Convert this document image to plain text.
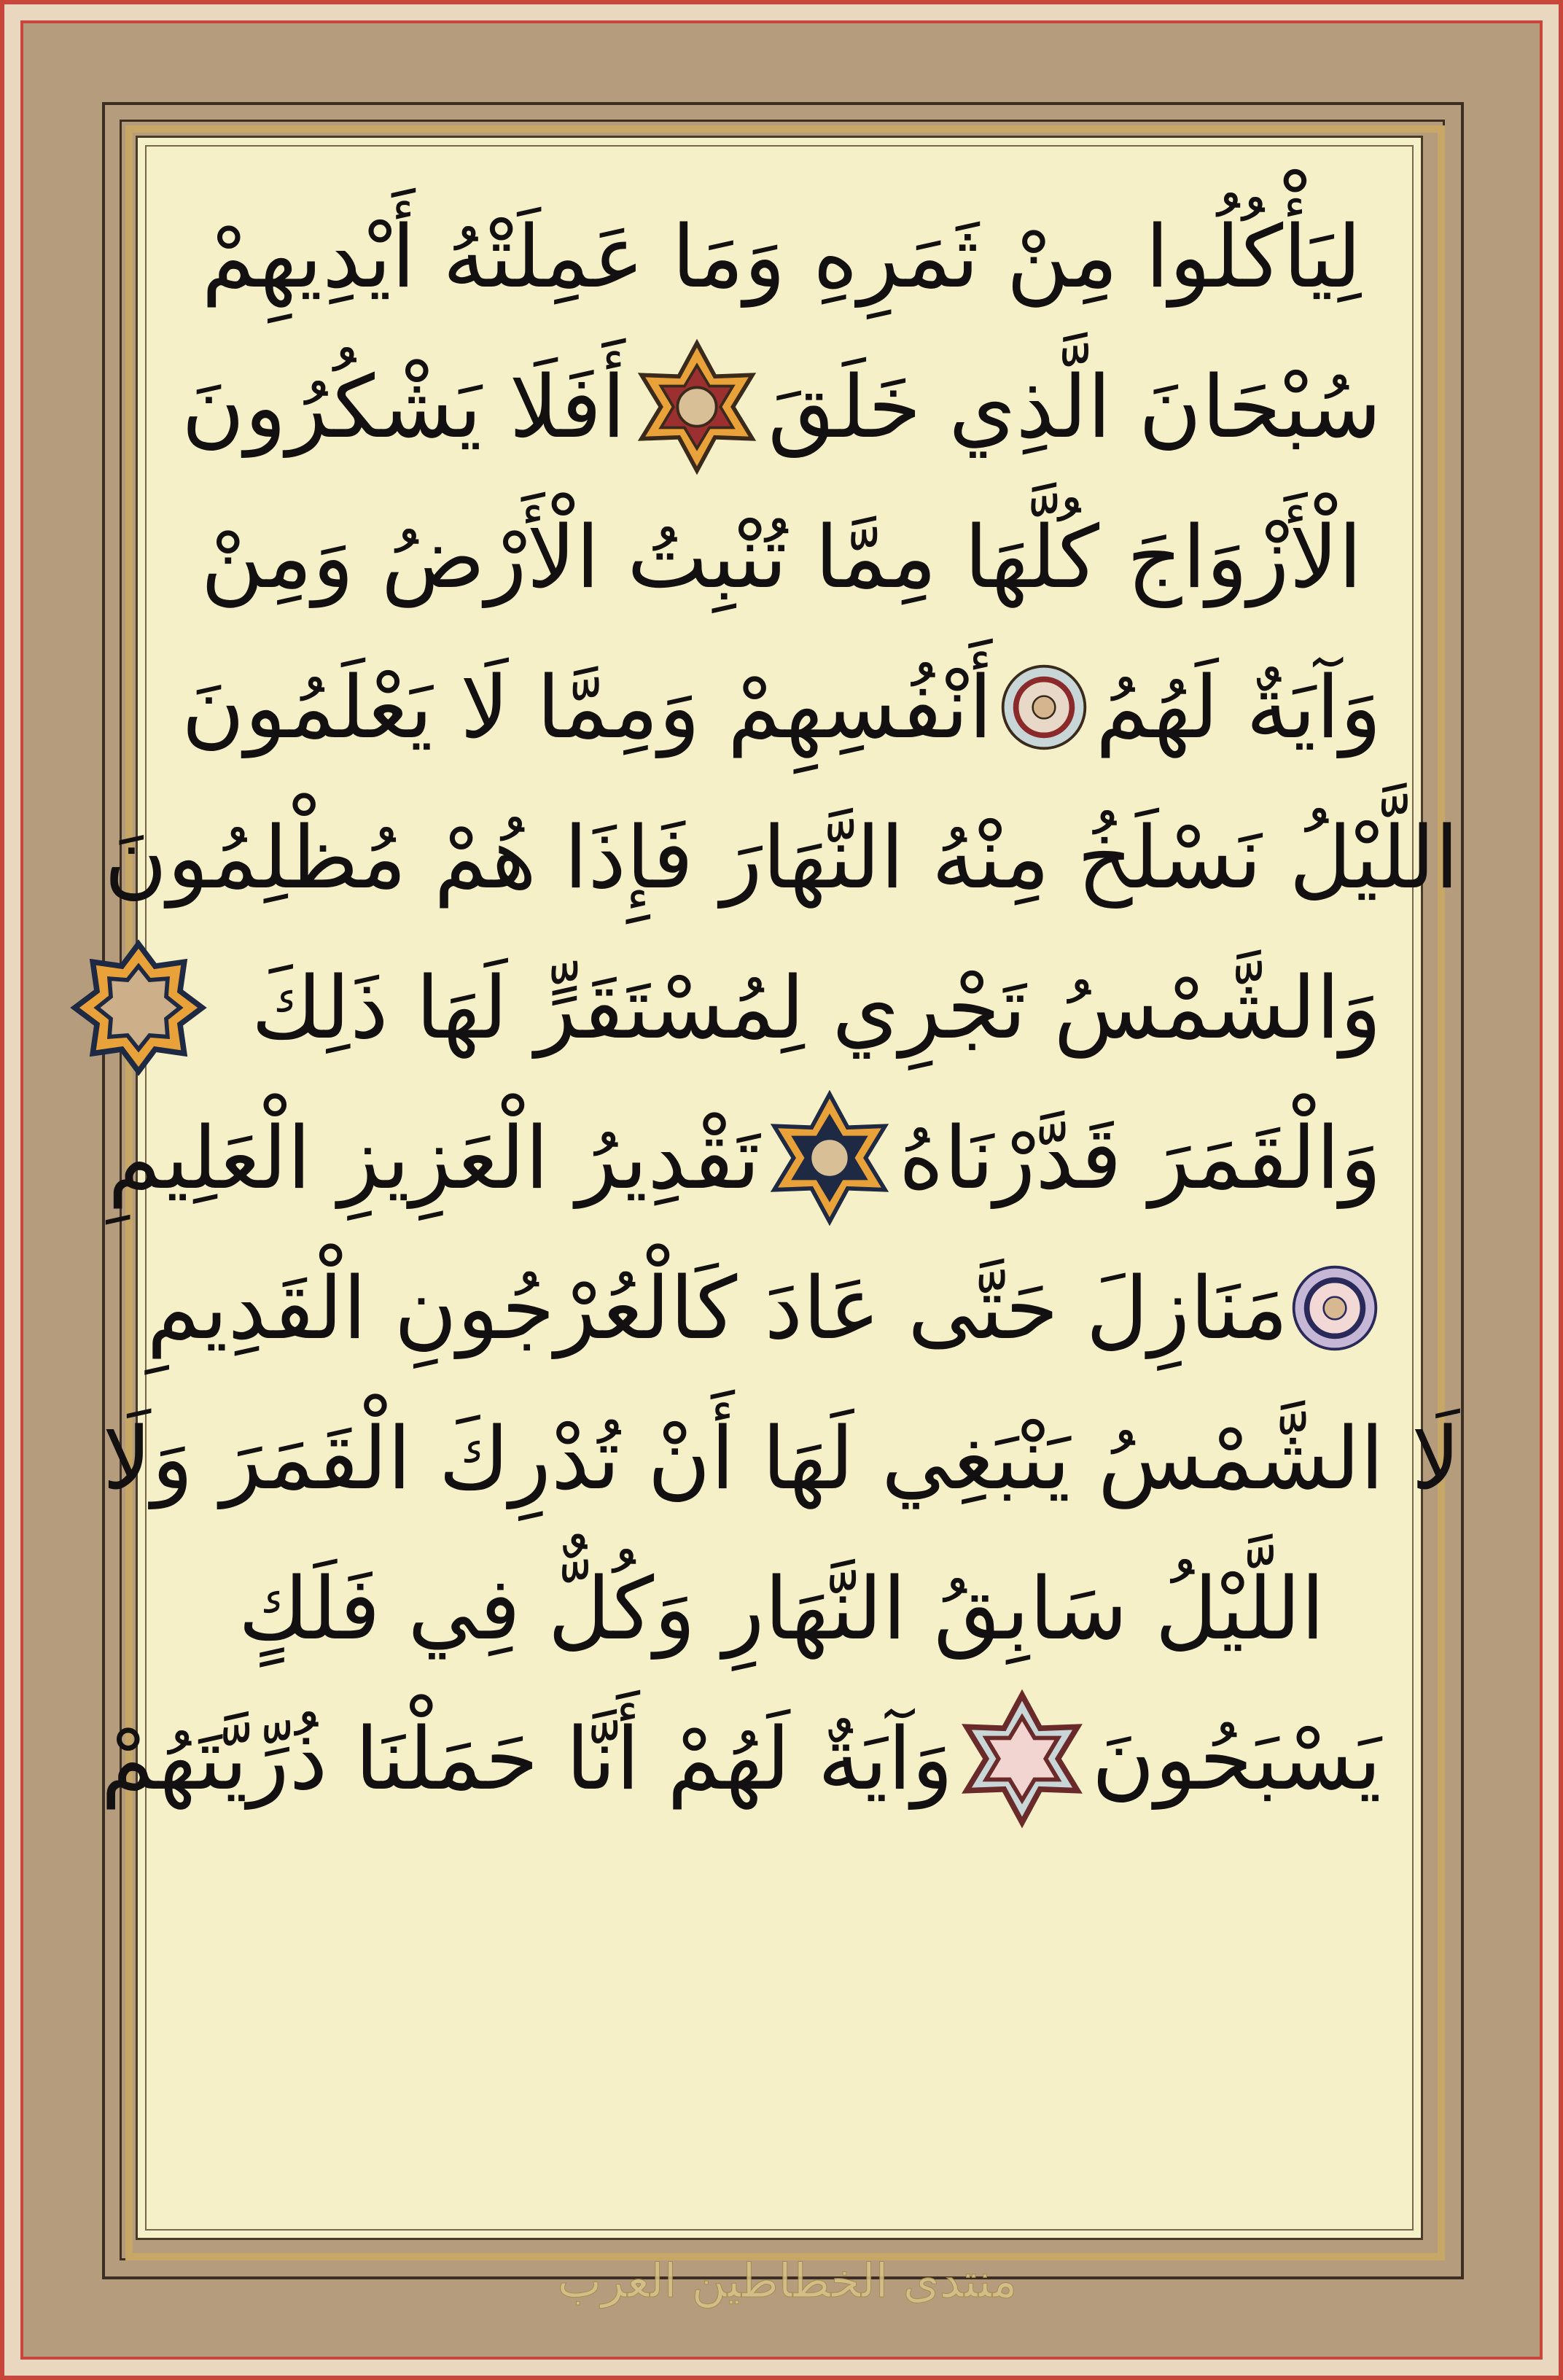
لِيَأْكُلُوا مِنْ ثَمَرِهِ وَمَا عَمِلَتْهُ أَيْدِيهِمْ
سُبْحَانَ الَّذِي خَلَقَ
أَفَلَا يَشْكُرُونَ
الْأَزْوَاجَ كُلَّهَا مِمَّا تُنْبِتُ الْأَرْضُ وَمِنْ
وَآيَةٌ لَهُمُ
أَنْفُسِهِمْ وَمِمَّا لَا يَعْلَمُونَ
اللَّيْلُ نَسْلَخُ مِنْهُ النَّهَارَ فَإِذَا هُمْ مُظْلِمُونَ
وَالشَّمْسُ تَجْرِي لِمُسْتَقَرٍّ لَهَا ذَلِكَ
وَالْقَمَرَ قَدَّرْنَاهُ
تَقْدِيرُ الْعَزِيزِ الْعَلِيمِ
مَنَازِلَ حَتَّى عَادَ كَالْعُرْجُونِ الْقَدِيمِ
لَا الشَّمْسُ يَنْبَغِي لَهَا أَنْ تُدْرِكَ الْقَمَرَ وَلَا
اللَّيْلُ سَابِقُ النَّهَارِ وَكُلٌّ فِي فَلَكٍ
يَسْبَحُونَ
وَآيَةٌ لَهُمْ أَنَّا حَمَلْنَا ذُرِّيَّتَهُمْ
منتدى الخطاطين العرب
